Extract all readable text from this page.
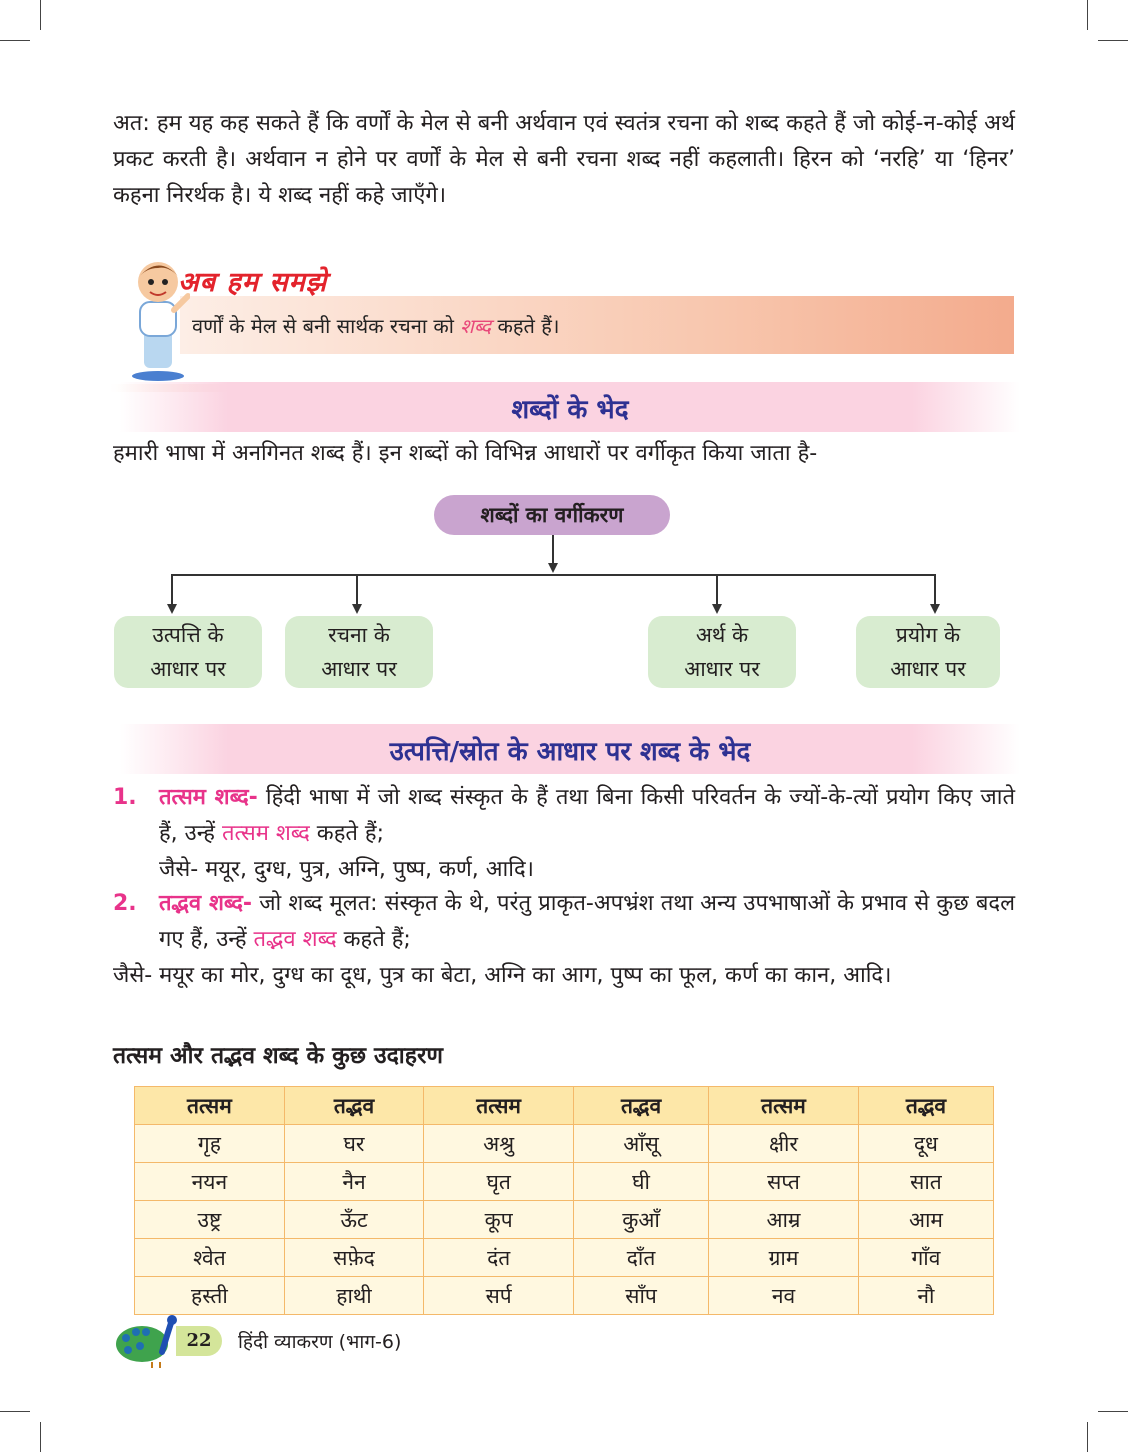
अत: हम यह कह सकते हैं कि वर्णों के मेल से बनी अर्थवान एवं स्वतंत्र रचना को शब्द कहते हैं जो कोई-न-कोई अर्थ प्रकट करती है। अर्थवान न होने पर वर्णों के मेल से बनी रचना शब्द नहीं कहलाती। हिरन को ‘नरहि’ या ‘हिनर’ कहना निरर्थक है। ये शब्द नहीं कहे जाएँगे।

अब हम समझे
वर्णों के मेल से बनी सार्थक रचना को शब्द कहते हैं।
शब्दों के भेद

हमारी भाषा में अनगिनत शब्द हैं। इन शब्दों को विभिन्न आधारों पर वर्गीकृत किया जाता है-

शब्दों का वर्गीकरण
उत्पत्ति के
आधार पर
रचना के
आधार पर
अर्थ के
आधार पर
प्रयोग के
आधार पर
उत्पत्ति/स्रोत के आधार पर शब्द के भेद
1. तत्सम शब्द- हिंदी भाषा में जो शब्द संस्कृत के हैं तथा बिना किसी परिवर्तन के ज्यों-के-त्यों प्रयोग किए जाते हैं, उन्हें तत्सम शब्द कहते हैं;
जैसे- मयूर, दुग्ध, पुत्र, अग्नि, पुष्प, कर्ण, आदि।
2. तद्भव शब्द- जो शब्द मूलत: संस्कृत के थे, परंतु प्राकृत-अपभ्रंश तथा अन्य उपभाषाओं के प्रभाव से कुछ बदल गए हैं, उन्हें तद्भव शब्द कहते हैं;

जैसे- मयूर का मोर, दुग्ध का दूध, पुत्र का बेटा, अग्नि का आग, पुष्प का फूल, कर्ण का कान, आदि।

तत्सम और तद्भव शब्द के कुछ उदाहरण
तत्सम	तद्भव	तत्सम	तद्भव	तत्सम	तद्भव
गृह	घर	अश्रु	आँसू	क्षीर	दूध
नयन	नैन	घृत	घी	सप्त	सात
उष्ट्र	ऊँट	कूप	कुआँ	आम्र	आम
श्वेत	सफ़ेद	दंत	दाँत	ग्राम	गाँव
हस्ती	हाथी	सर्प	साँप	नव	नौ
22	हिंदी व्याकरण (भाग-6)
